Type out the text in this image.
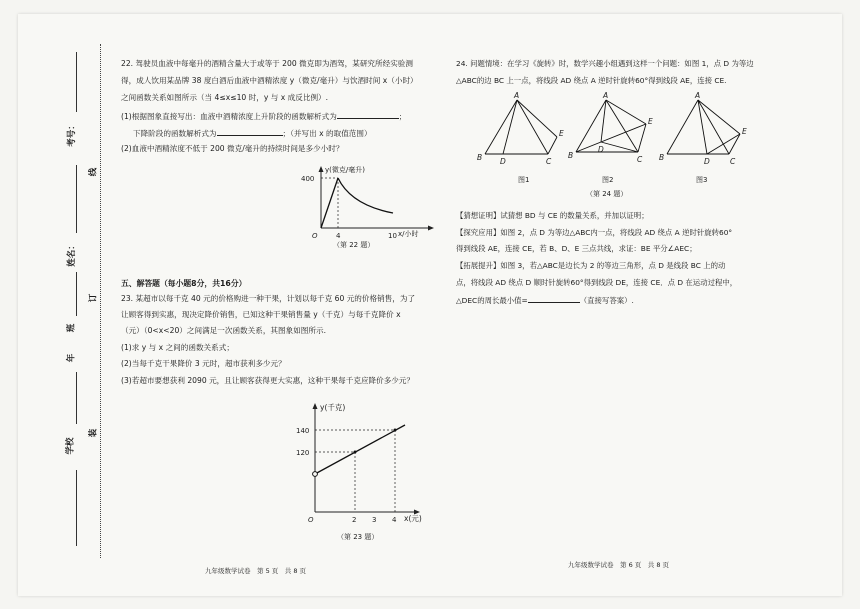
考号：
线
姓名：
订
班
年
装
学校
22. 驾驶员血液中每毫升的酒精含量大于或等于 200 微克即为酒驾，某研究所经实验测
得，成人饮用某品牌 38 度白酒后血液中酒精浓度 y（微克/毫升）与饮酒时间 x（小时）
之间函数关系如图所示（当 4≤x≤10 时，y 与 x 成反比例）.
(1)根据图象直接写出：血液中酒精浓度上升阶段的函数解析式为	；
下降阶段的函数解析式为	；（并写出 x 的取值范围）
(2)血液中酒精浓度不低于 200 微克/毫升的持续时间是多少小时？
y(微克/毫升)
400
O	4	10 x/小时
（第 22 题）
五、解答题（每小题8分，共16分）
23. 某超市以每千克 40 元的价格购进一种干果，计划以每千克 60 元的价格销售，为了
让顾客得到实惠，现决定降价销售，已知这种干果销售量 y（千克）与每千克降价 x
（元）（0<x<20）之间满足一次函数关系，其图象如图所示.
(1)求 y 与 x 之间的函数关系式；
(2)当每千克干果降价 3 元时，超市获利多少元？
(3)若超市要想获利 2090 元，且让顾客获得更大实惠，这种干果每千克应降价多少元？
y(千克)
140
120
O	2 3 4 x(元)
（第 23 题）
九年级数学试卷　第 5 页　共 8 页
24. 问题情境：在学习《旋转》时，数学兴趣小组遇到这样一个问题：如图 1，点 D 为等边
△ABC的边 BC 上一点，将线段 AD 绕点 A 逆时针旋转60°得到线段 AE，连接 CE.
A
B D	C
E
图1
A
B
D
C
E
图2
A
B	D	C
E
图3
（第 24 题）
【猜想证明】试猜想 BD 与 CE 的数量关系，并加以证明；
【探究应用】如图 2，点 D 为等边△ABC内一点，将线段 AD 绕点 A 逆时针旋转60°
得到线段 AE，连接 CE，若 B、D、E 三点共线，求证：BE 平分∠AEC；
【拓展提升】如图 3，若△ABC是边长为 2 的等边三角形，点 D 是线段 BC 上的动
点，将线段 AD 绕点 D 顺时针旋转60°得到线段 DE，连接 CE．点 D 在运动过程中，
△DEC的周长最小值=	（直接写答案）.
九年级数学试卷　第 6 页　共 8 页
